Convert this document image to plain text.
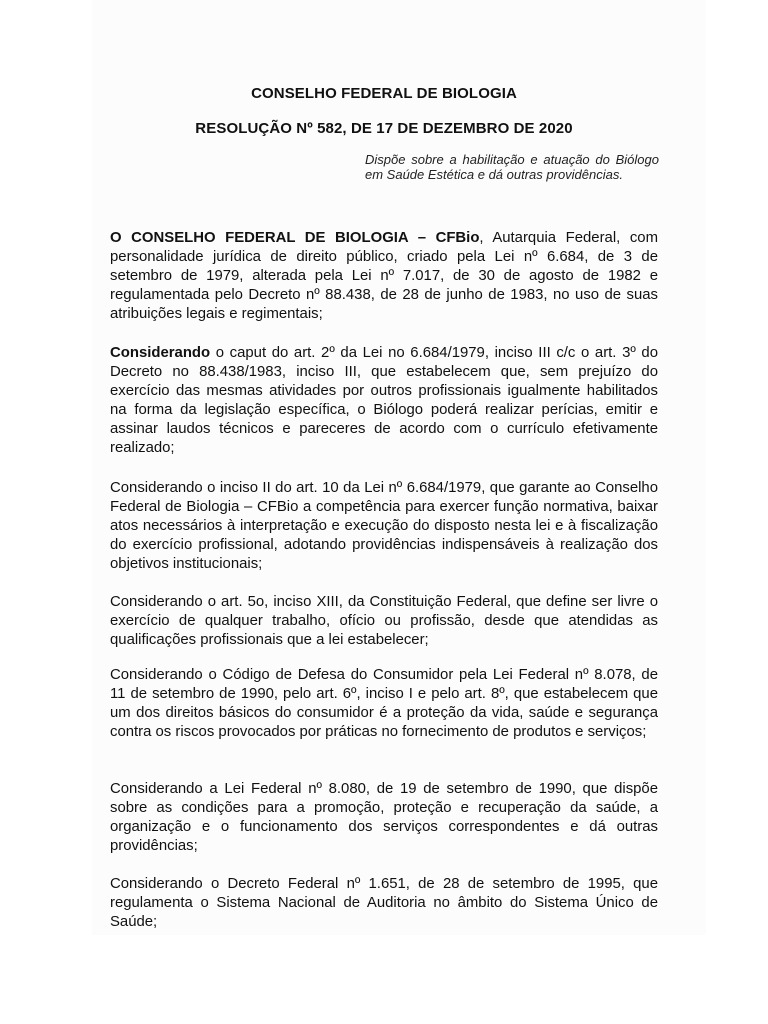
CONSELHO FEDERAL DE BIOLOGIA
RESOLUÇÃO Nº 582, DE 17 DE DEZEMBRO DE 2020
Dispõe sobre a habilitação e atuação do Biólogo em Saúde Estética e dá outras providências.

O CONSELHO FEDERAL DE BIOLOGIA – CFBio, Autarquia Federal, com personalidade jurídica de direito público, criado pela Lei nº 6.684, de 3 de setembro de 1979, alterada pela Lei nº 7.017, de 30 de agosto de 1982 e regulamentada pelo Decreto nº 88.438, de 28 de junho de 1983, no uso de suas atribuições legais e regimentais;

Considerando o caput do art. 2º da Lei no 6.684/1979, inciso III c/c o art. 3º do Decreto no 88.438/1983, inciso III, que estabelecem que, sem prejuízo do exercício das mesmas atividades por outros profissionais igualmente habilitados na forma da legislação específica, o Biólogo poderá realizar perícias, emitir e assinar laudos técnicos e pareceres de acordo com o currículo efetivamente realizado;

Considerando o inciso II do art. 10 da Lei nº 6.684/1979, que garante ao Conselho Federal de Biologia – CFBio a competência para exercer função normativa, baixar atos necessários à interpretação e execução do disposto nesta lei e à fiscalização do exercício profissional, adotando providências indispensáveis à realização dos objetivos institucionais;

Considerando o art. 5o, inciso XIII, da Constituição Federal, que define ser livre o exercício de qualquer trabalho, ofício ou profissão, desde que atendidas as qualificações profissionais que a lei estabelecer;

Considerando o Código de Defesa do Consumidor pela Lei Federal nº 8.078, de 11 de setembro de 1990, pelo art. 6º, inciso I e pelo art. 8º, que estabelecem que um dos direitos básicos do consumidor é a proteção da vida, saúde e segurança contra os riscos provocados por práticas no fornecimento de produtos e serviços;

Considerando a Lei Federal nº 8.080, de 19 de setembro de 1990, que dispõe sobre as condições para a promoção, proteção e recuperação da saúde, a organização e o funcionamento dos serviços correspondentes e dá outras providências;

Considerando o Decreto Federal nº 1.651, de 28 de setembro de 1995, que regulamenta o Sistema Nacional de Auditoria no âmbito do Sistema Único de Saúde;
